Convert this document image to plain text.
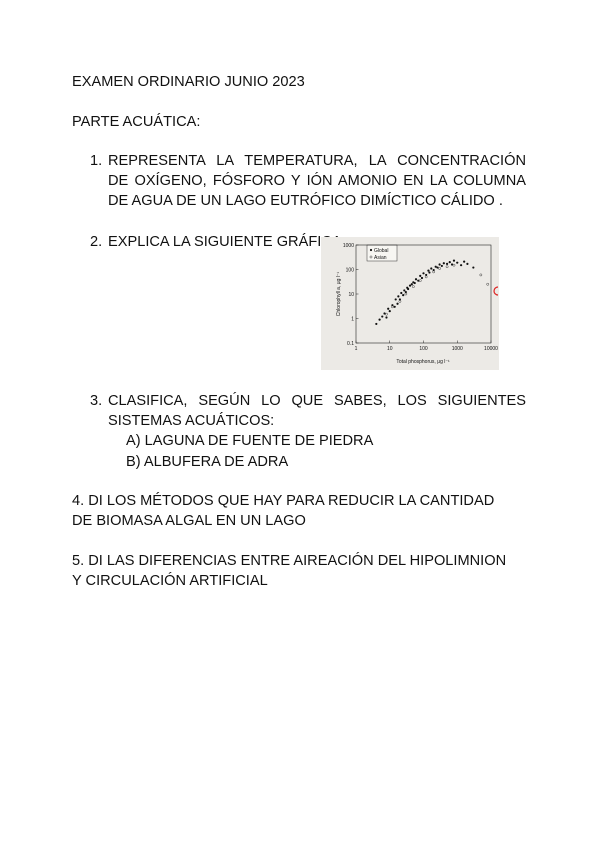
EXAMEN ORDINARIO JUNIO 2023
PARTE ACUÁTICA:
1. REPRESENTA LA TEMPERATURA, LA CONCENTRACIÓN
DE OXÍGENO, FÓSFORO Y IÓN AMONIO EN LA COLUMNA
DE AGUA DE UN LAGO EUTRÓFICO DIMÍCTICO CÁLIDO .
2. EXPLICA LA SIGUIENTE GRÁFICA:
Global
Asian
1	10	100	1000	10000
0.1
1
10
100
1000
Total phosphorus, μg l⁻¹
Chlorophyll a, μg l⁻¹
3. CLASIFICA, SEGÚN LO QUE SABES, LOS SIGUIENTES
SISTEMAS ACUÁTICOS:
A) LAGUNA DE FUENTE DE PIEDRA
B) ALBUFERA DE ADRA
4. DI LOS MÉTODOS QUE HAY PARA REDUCIR LA CANTIDAD
DE BIOMASA ALGAL EN UN LAGO
5. DI LAS DIFERENCIAS ENTRE AIREACIÓN DEL HIPOLIMNION
Y CIRCULACIÓN ARTIFICIAL
